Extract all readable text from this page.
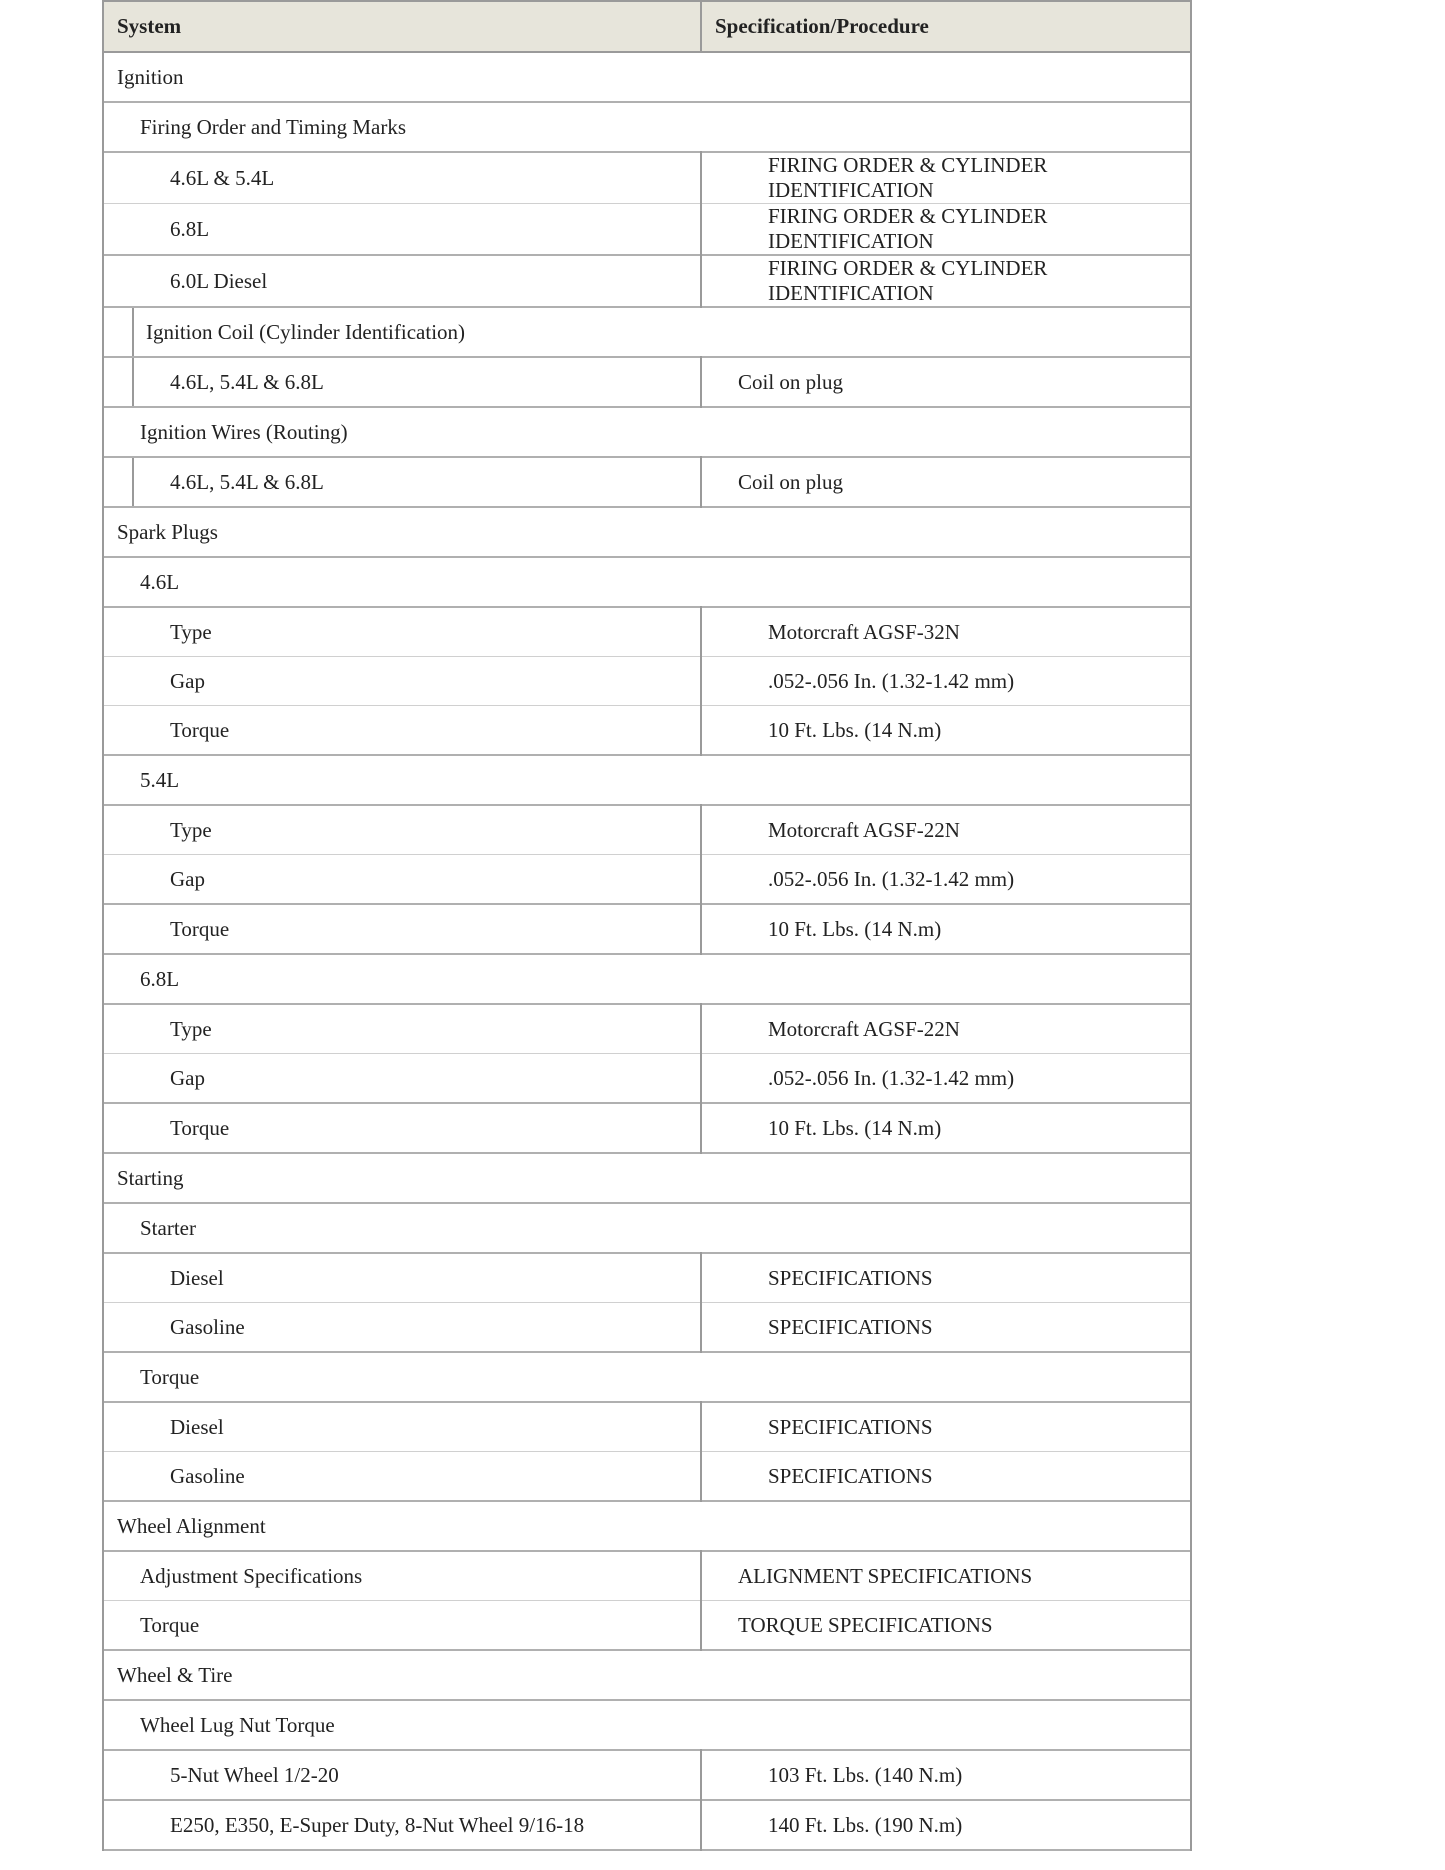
System	Specification/Procedure
Ignition	
Firing Order and Timing Marks	
4.6L & 5.4L	FIRING ORDER & CYLINDER IDENTIFICATION
6.8L	FIRING ORDER & CYLINDER IDENTIFICATION
6.0L Diesel	FIRING ORDER & CYLINDER IDENTIFICATION
Ignition Coil (Cylinder Identification)	
4.6L, 5.4L & 6.8L	Coil on plug
Ignition Wires (Routing)	
4.6L, 5.4L & 6.8L	Coil on plug
Spark Plugs	
4.6L	
Type	Motorcraft AGSF-32N
Gap	.052-.056 In. (1.32-1.42 mm)
Torque	10 Ft. Lbs. (14 N.m)
5.4L	
Type	Motorcraft AGSF-22N
Gap	.052-.056 In. (1.32-1.42 mm)
Torque	10 Ft. Lbs. (14 N.m)
6.8L	
Type	Motorcraft AGSF-22N
Gap	.052-.056 In. (1.32-1.42 mm)
Torque	10 Ft. Lbs. (14 N.m)
Starting	
Starter	
Diesel	SPECIFICATIONS
Gasoline	SPECIFICATIONS
Torque	
Diesel	SPECIFICATIONS
Gasoline	SPECIFICATIONS
Wheel Alignment	
Adjustment Specifications	ALIGNMENT SPECIFICATIONS
Torque	TORQUE SPECIFICATIONS
Wheel & Tire	
Wheel Lug Nut Torque	
5-Nut Wheel 1/2-20	103 Ft. Lbs. (140 N.m)
E250, E350, E-Super Duty, 8-Nut Wheel 9/16-18	140 Ft. Lbs. (190 N.m)
